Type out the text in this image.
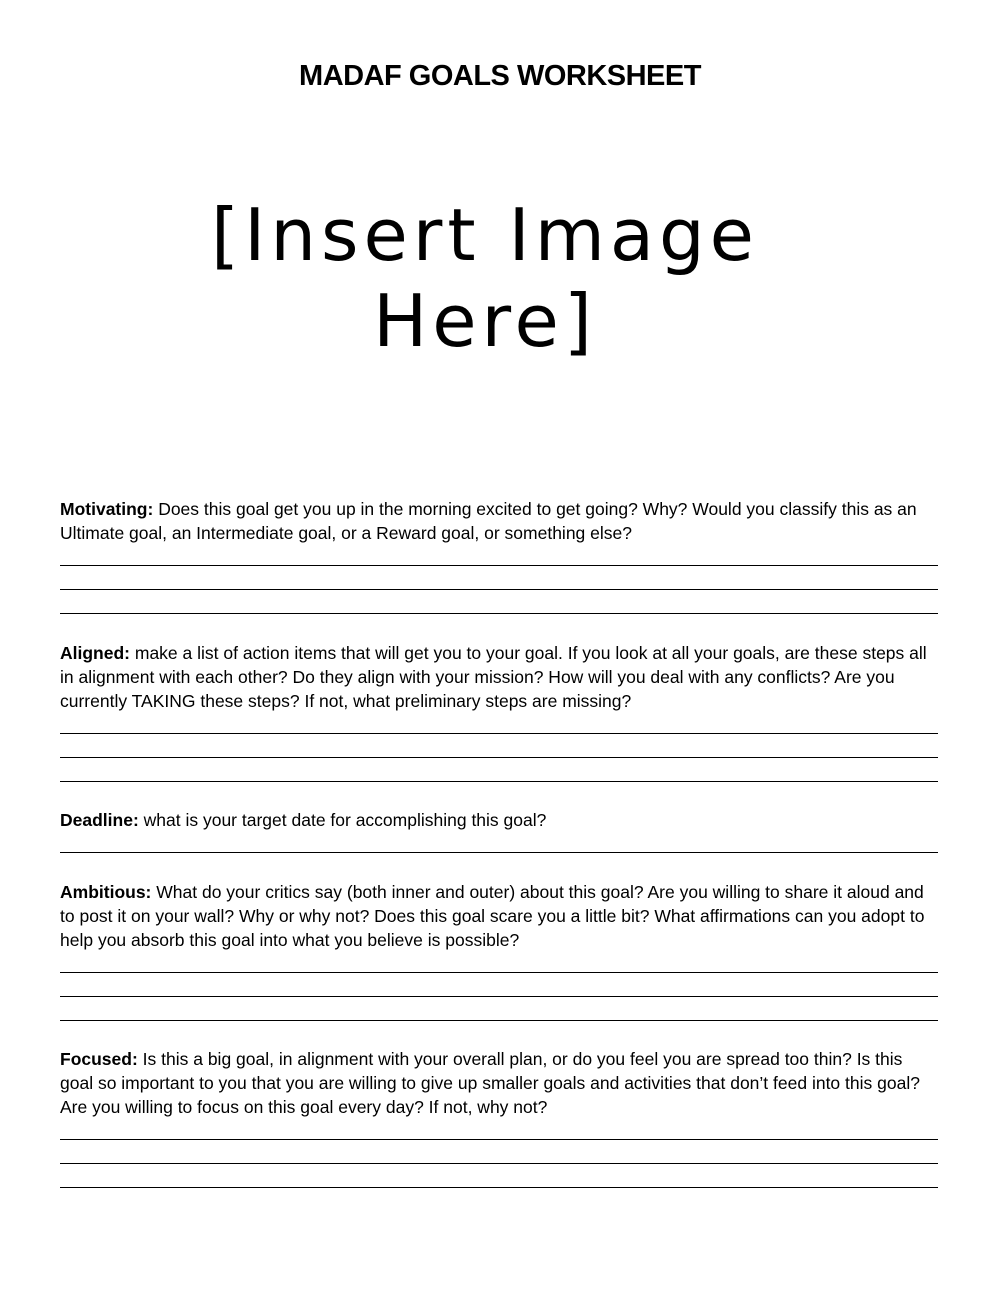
MADAF GOALS WORKSHEET
[Insert Image
Here]

Motivating: Does this goal get you up in the morning excited to get going? Why? Would you classify this as an Ultimate goal, an Intermediate goal, or a Reward goal, or something else?

Aligned: make a list of action items that will get you to your goal. If you look at all your goals, are these steps all in alignment with each other? Do they align with your mission? How will you deal with any conflicts? Are you currently TAKING these steps? If not, what preliminary steps are missing?

Deadline: what is your target date for accomplishing this goal?

Ambitious: What do your critics say (both inner and outer) about this goal? Are you willing to share it aloud and to post it on your wall? Why or why not? Does this goal scare you a little bit? What affirmations can you adopt to help you absorb this goal into what you believe is possible?

Focused: Is this a big goal, in alignment with your overall plan, or do you feel you are spread too thin? Is this goal so important to you that you are willing to give up smaller goals and activities that don’t feed into this goal? Are you willing to focus on this goal every day? If not, why not?
